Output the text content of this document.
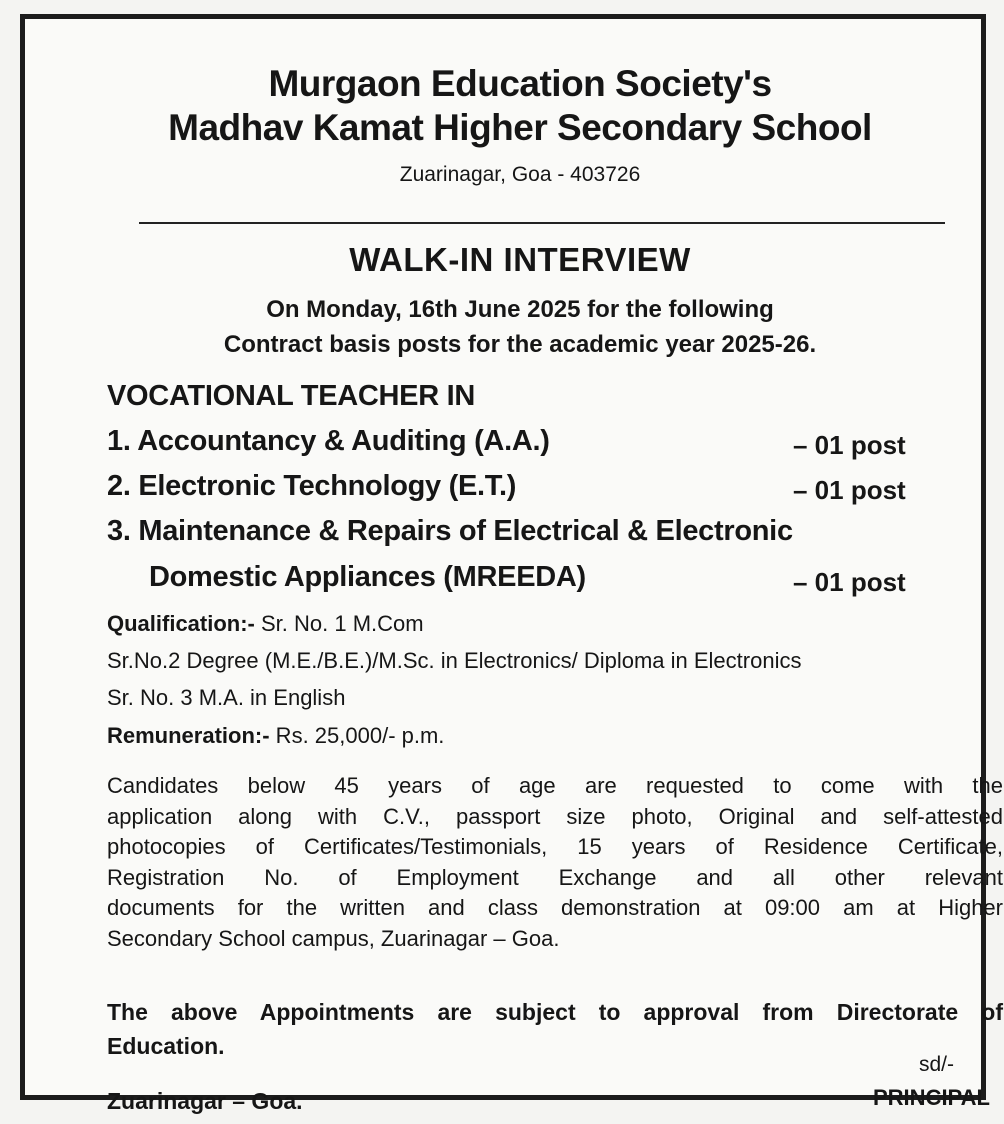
Murgaon Education Society's
Madhav Kamat Higher Secondary School
Zuarinagar, Goa - 403726
WALK-IN INTERVIEW
On Monday, 16th June 2025 for the following
Contract basis posts for the academic year 2025-26.
VOCATIONAL TEACHER IN
1. Accountancy & Auditing (A.A.)	– 01 post
2. Electronic Technology (E.T.)	– 01 post
3. Maintenance & Repairs of Electrical & Electronic
Domestic Appliances (MREEDA)	– 01 post
Qualification:- Sr. No. 1 M.Com
Sr.No.2 Degree (M.E./B.E.)/M.Sc. in Electronics/ Diploma in Electronics
Sr. No. 3 M.A. in English
Remuneration:- Rs. 25,000/- p.m.
Candidates below 45 years of age are requested to come with the
application along with C.V., passport size photo, Original and self-attested
photocopies of Certificates/Testimonials, 15 years of Residence Certificate,
Registration No. of Employment Exchange and all other relevant
documents for the written and class demonstration at 09:00 am at Higher
Secondary School campus, Zuarinagar – Goa.
The above Appointments are subject to approval from Directorate of
Education.
sd/-
Zuarinagar – Goa.	PRINCIPAL
